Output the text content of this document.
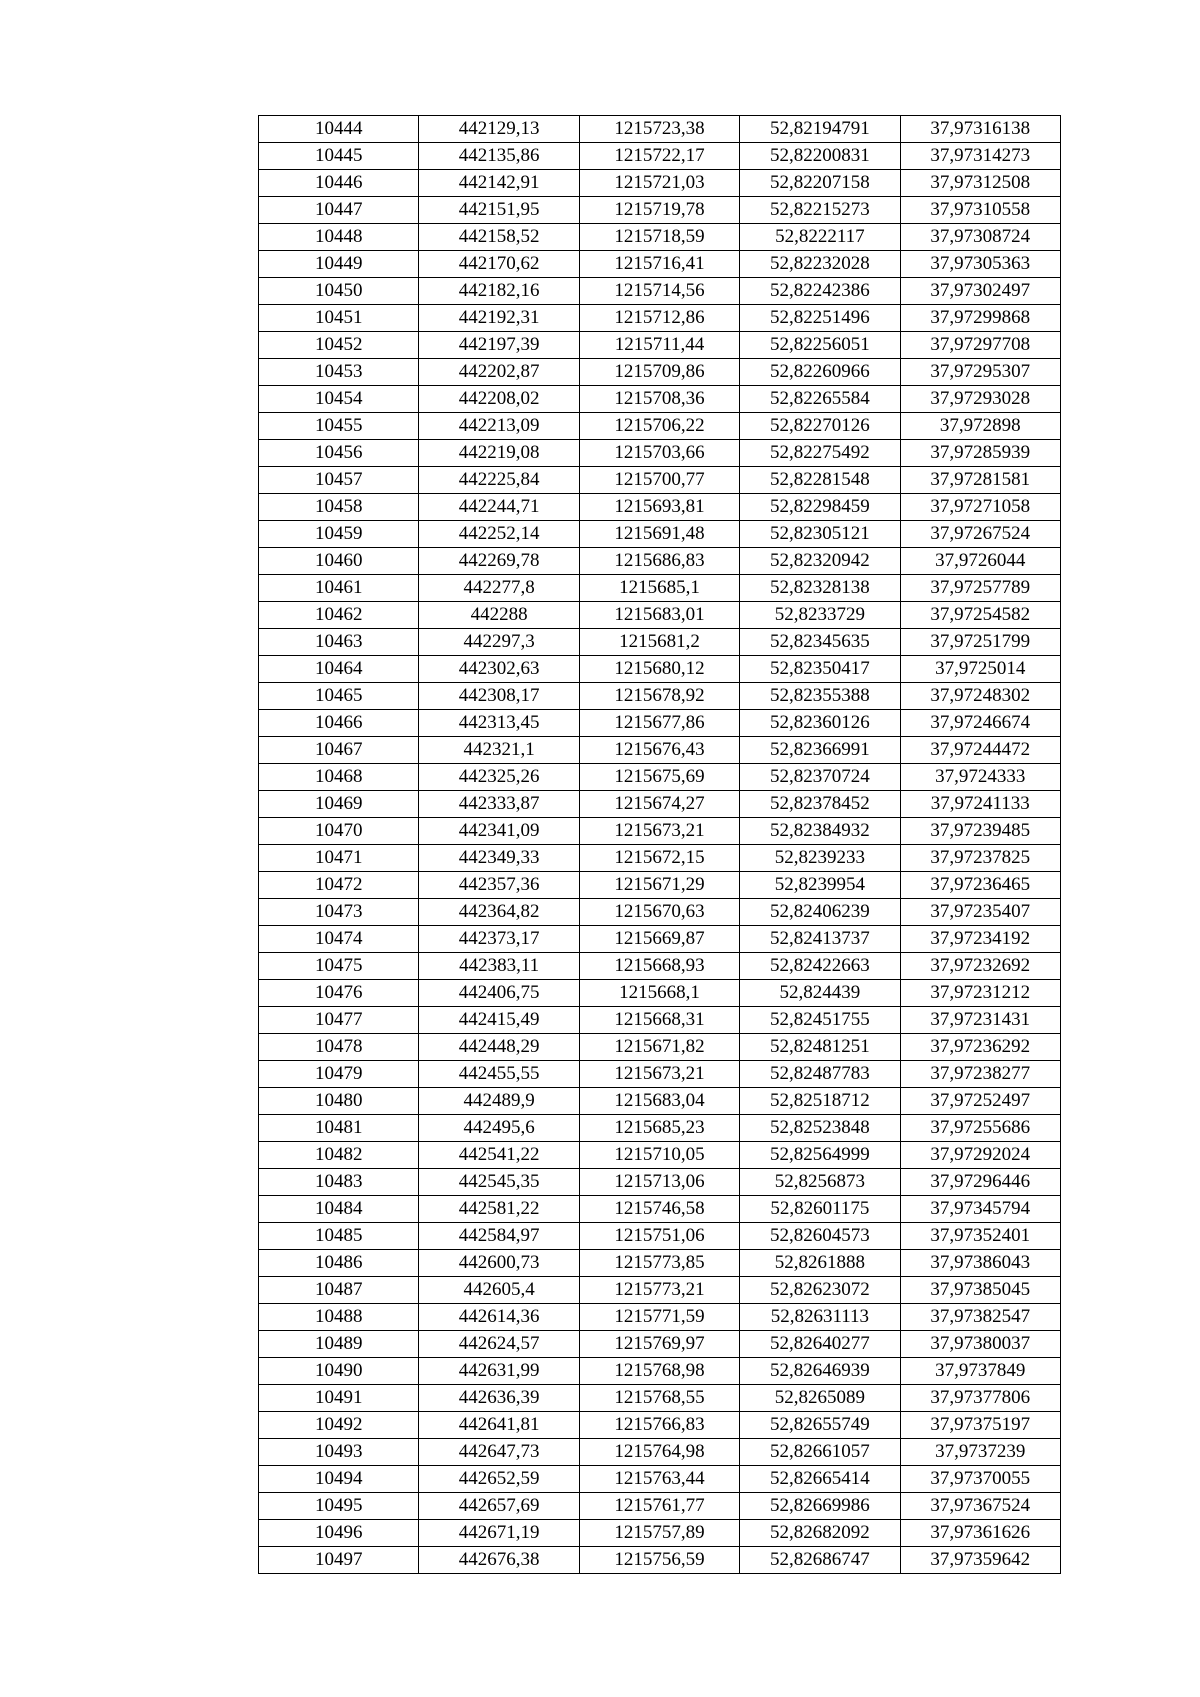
10444	442129,13	1215723,38	52,82194791	37,97316138
10445	442135,86	1215722,17	52,82200831	37,97314273
10446	442142,91	1215721,03	52,82207158	37,97312508
10447	442151,95	1215719,78	52,82215273	37,97310558
10448	442158,52	1215718,59	52,8222117	37,97308724
10449	442170,62	1215716,41	52,82232028	37,97305363
10450	442182,16	1215714,56	52,82242386	37,97302497
10451	442192,31	1215712,86	52,82251496	37,97299868
10452	442197,39	1215711,44	52,82256051	37,97297708
10453	442202,87	1215709,86	52,82260966	37,97295307
10454	442208,02	1215708,36	52,82265584	37,97293028
10455	442213,09	1215706,22	52,82270126	37,972898
10456	442219,08	1215703,66	52,82275492	37,97285939
10457	442225,84	1215700,77	52,82281548	37,97281581
10458	442244,71	1215693,81	52,82298459	37,97271058
10459	442252,14	1215691,48	52,82305121	37,97267524
10460	442269,78	1215686,83	52,82320942	37,9726044
10461	442277,8	1215685,1	52,82328138	37,97257789
10462	442288	1215683,01	52,8233729	37,97254582
10463	442297,3	1215681,2	52,82345635	37,97251799
10464	442302,63	1215680,12	52,82350417	37,9725014
10465	442308,17	1215678,92	52,82355388	37,97248302
10466	442313,45	1215677,86	52,82360126	37,97246674
10467	442321,1	1215676,43	52,82366991	37,97244472
10468	442325,26	1215675,69	52,82370724	37,9724333
10469	442333,87	1215674,27	52,82378452	37,97241133
10470	442341,09	1215673,21	52,82384932	37,97239485
10471	442349,33	1215672,15	52,8239233	37,97237825
10472	442357,36	1215671,29	52,8239954	37,97236465
10473	442364,82	1215670,63	52,82406239	37,97235407
10474	442373,17	1215669,87	52,82413737	37,97234192
10475	442383,11	1215668,93	52,82422663	37,97232692
10476	442406,75	1215668,1	52,824439	37,97231212
10477	442415,49	1215668,31	52,82451755	37,97231431
10478	442448,29	1215671,82	52,82481251	37,97236292
10479	442455,55	1215673,21	52,82487783	37,97238277
10480	442489,9	1215683,04	52,82518712	37,97252497
10481	442495,6	1215685,23	52,82523848	37,97255686
10482	442541,22	1215710,05	52,82564999	37,97292024
10483	442545,35	1215713,06	52,8256873	37,97296446
10484	442581,22	1215746,58	52,82601175	37,97345794
10485	442584,97	1215751,06	52,82604573	37,97352401
10486	442600,73	1215773,85	52,8261888	37,97386043
10487	442605,4	1215773,21	52,82623072	37,97385045
10488	442614,36	1215771,59	52,82631113	37,97382547
10489	442624,57	1215769,97	52,82640277	37,97380037
10490	442631,99	1215768,98	52,82646939	37,9737849
10491	442636,39	1215768,55	52,8265089	37,97377806
10492	442641,81	1215766,83	52,82655749	37,97375197
10493	442647,73	1215764,98	52,82661057	37,9737239
10494	442652,59	1215763,44	52,82665414	37,97370055
10495	442657,69	1215761,77	52,82669986	37,97367524
10496	442671,19	1215757,89	52,82682092	37,97361626
10497	442676,38	1215756,59	52,82686747	37,97359642
